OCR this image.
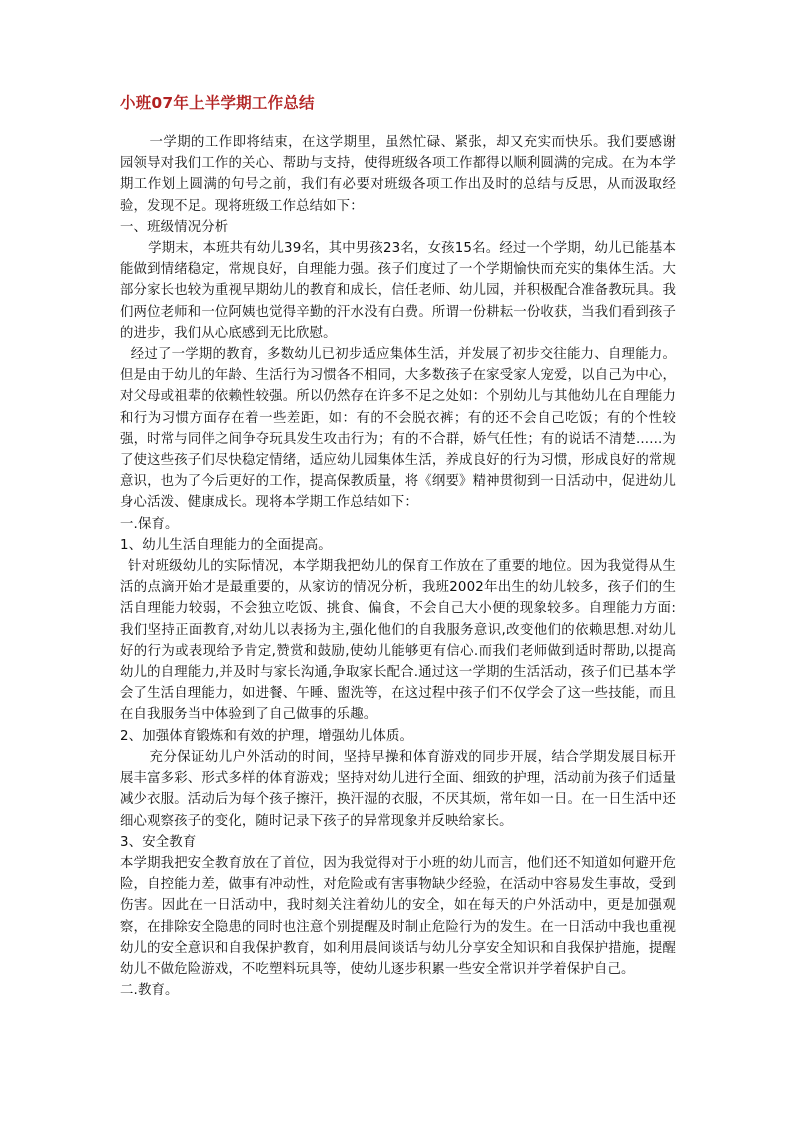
小班07年上半学期工作总结

一学期的工作即将结束，在这学期里，虽然忙碌、紧张，却又充实而快乐。我们要感谢园领导对我们工作的关心、帮助与支持，使得班级各项工作都得以顺利圆满的完成。在为本学期工作划上圆满的句号之前，我们有必要对班级各项工作出及时的总结与反思，从而汲取经验，发现不足。现将班级工作总结如下：

一、班级情况分析

学期末，本班共有幼儿39名，其中男孩23名，女孩15名。经过一个学期，幼儿已能基本能做到情绪稳定，常规良好，自理能力强。孩子们度过了一个学期愉快而充实的集体生活。大部分家长也较为重视早期幼儿的教育和成长，信任老师、幼儿园，并积极配合准备教玩具。我们两位老师和一位阿姨也觉得辛勤的汗水没有白费。所谓一份耕耘一份收获，当我们看到孩子的进步，我们从心底感到无比欣慰。

经过了一学期的教育，多数幼儿已初步适应集体生活，并发展了初步交往能力、自理能力。但是由于幼儿的年龄、生活行为习惯各不相同，大多数孩子在家受家人宠爱，以自己为中心，对父母或祖辈的依赖性较强。所以仍然存在许多不足之处如：个别幼儿与其他幼儿在自理能力和行为习惯方面存在着一些差距，如：有的不会脱衣裤；有的还不会自己吃饭；有的个性较强，时常与同伴之间争夺玩具发生攻击行为；有的不合群，娇气任性；有的说话不清楚......为了使这些孩子们尽快稳定情绪，适应幼儿园集体生活，养成良好的行为习惯，形成良好的常规意识，也为了今后更好的工作，提高保教质量，将《纲要》精神贯彻到一日活动中，促进幼儿身心活泼、健康成长。现将本学期工作总结如下：

一.保育。

1、幼儿生活自理能力的全面提高。

针对班级幼儿的实际情况，本学期我把幼儿的保育工作放在了重要的地位。因为我觉得从生活的点滴开始才是最重要的，从家访的情况分析，我班2002年出生的幼儿较多，孩子们的生活自理能力较弱，不会独立吃饭、挑食、偏食，不会自己大小便的现象较多。自理能力方面:我们坚持正面教育,对幼儿以表扬为主,强化他们的自我服务意识,改变他们的依赖思想.对幼儿好的行为或表现给予肯定,赞赏和鼓励,使幼儿能够更有信心.而我们老师做到适时帮助,以提高幼儿的自理能力,并及时与家长沟通,争取家长配合.通过这一学期的生活活动，孩子们已基本学会了生活自理能力，如进餐、午睡、盥洗等，在这过程中孩子们不仅学会了这一些技能，而且在自我服务当中体验到了自己做事的乐趣。

2、加强体育锻炼和有效的护理，增强幼儿体质。

充分保证幼儿户外活动的时间，坚持早操和体育游戏的同步开展，结合学期发展目标开展丰富多彩、形式多样的体育游戏；坚持对幼儿进行全面、细致的护理，活动前为孩子们适量减少衣服。活动后为每个孩子擦汗，换汗湿的衣服，不厌其烦，常年如一日。在一日生活中还细心观察孩子的变化，随时记录下孩子的异常现象并反映给家长。

3、安全教育

本学期我把安全教育放在了首位，因为我觉得对于小班的幼儿而言，他们还不知道如何避开危险，自控能力差，做事有冲动性，对危险或有害事物缺少经验，在活动中容易发生事故，受到伤害。因此在一日活动中，我时刻关注着幼儿的安全，如在每天的户外活动中，更是加强观察，在排除安全隐患的同时也注意个别提醒及时制止危险行为的发生。在一日活动中我也重视幼儿的安全意识和自我保护教育，如利用晨间谈话与幼儿分享安全知识和自我保护措施，提醒幼儿不做危险游戏，不吃塑料玩具等，使幼儿逐步积累一些安全常识并学着保护自己。

二.教育。
